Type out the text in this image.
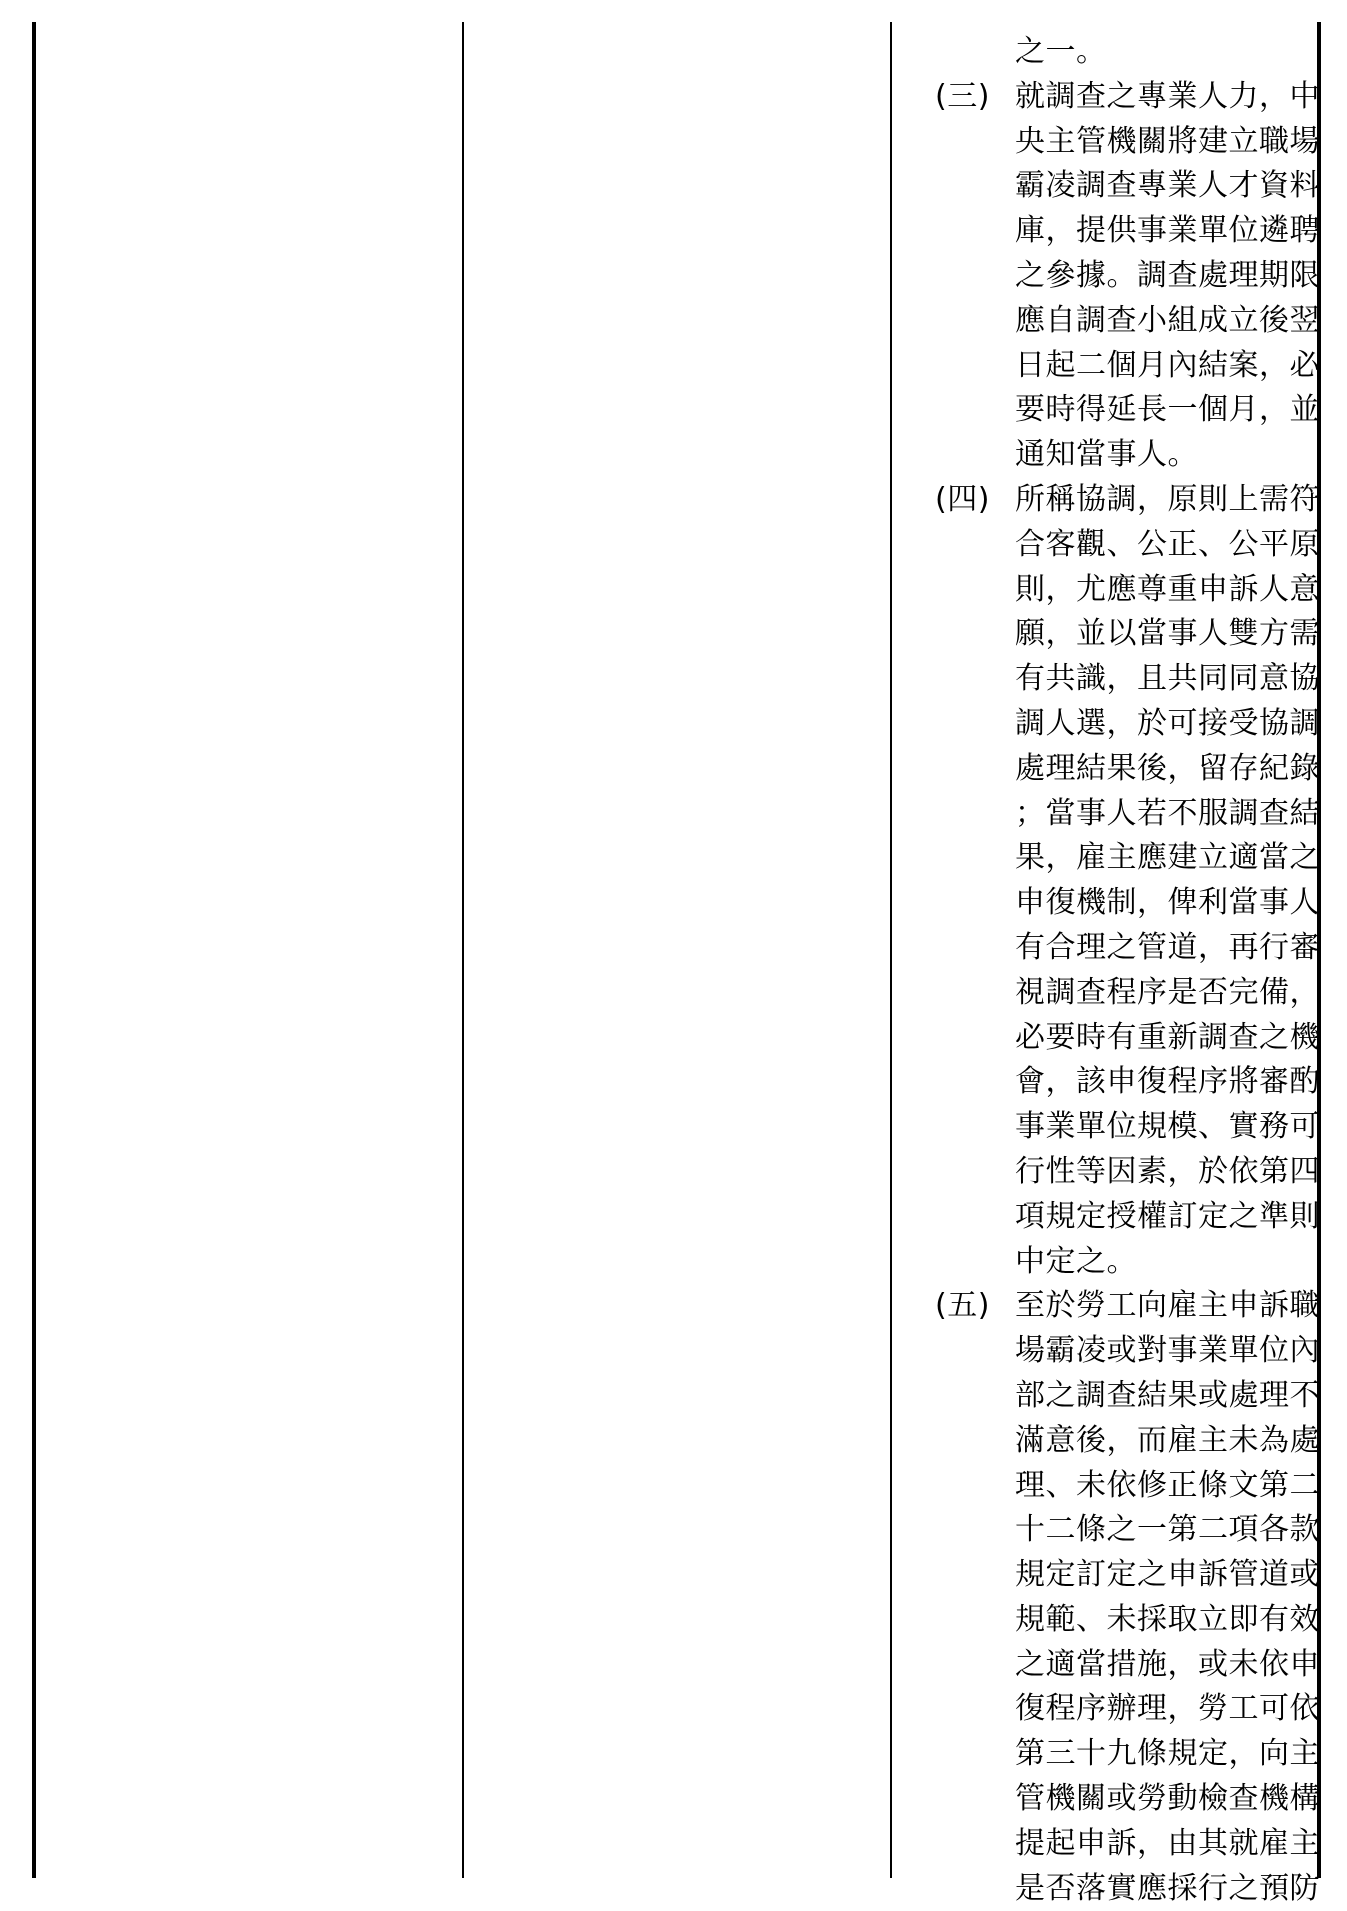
之一。
(三) 就調查之專業人力，中
央主管機關將建立職場
霸凌調查專業人才資料
庫，提供事業單位遴聘
之參據。調查處理期限
應自調查小組成立後翌
日起二個月內結案，必
要時得延長一個月，並
通知當事人。
(四) 所稱協調，原則上需符
合客觀、公正、公平原
則，尤應尊重申訴人意
願，並以當事人雙方需
有共識，且共同同意協
調人選，於可接受協調
處理結果後，留存紀錄
；當事人若不服調查結
果，雇主應建立適當之
申復機制，俾利當事人
有合理之管道，再行審
視調查程序是否完備，
必要時有重新調查之機
會，該申復程序將審酌
事業單位規模、實務可
行性等因素，於依第四
項規定授權訂定之準則
中定之。
(五) 至於勞工向雇主申訴職
場霸凌或對事業單位內
部之調查結果或處理不
滿意後，而雇主未為處
理、未依修正條文第二
十二條之一第二項各款
規定訂定之申訴管道或
規範、未採取立即有效
之適當措施，或未依申
復程序辦理，勞工可依
第三十九條規定，向主
管機關或勞動檢查機構
提起申訴，由其就雇主
是否落實應採行之預防
